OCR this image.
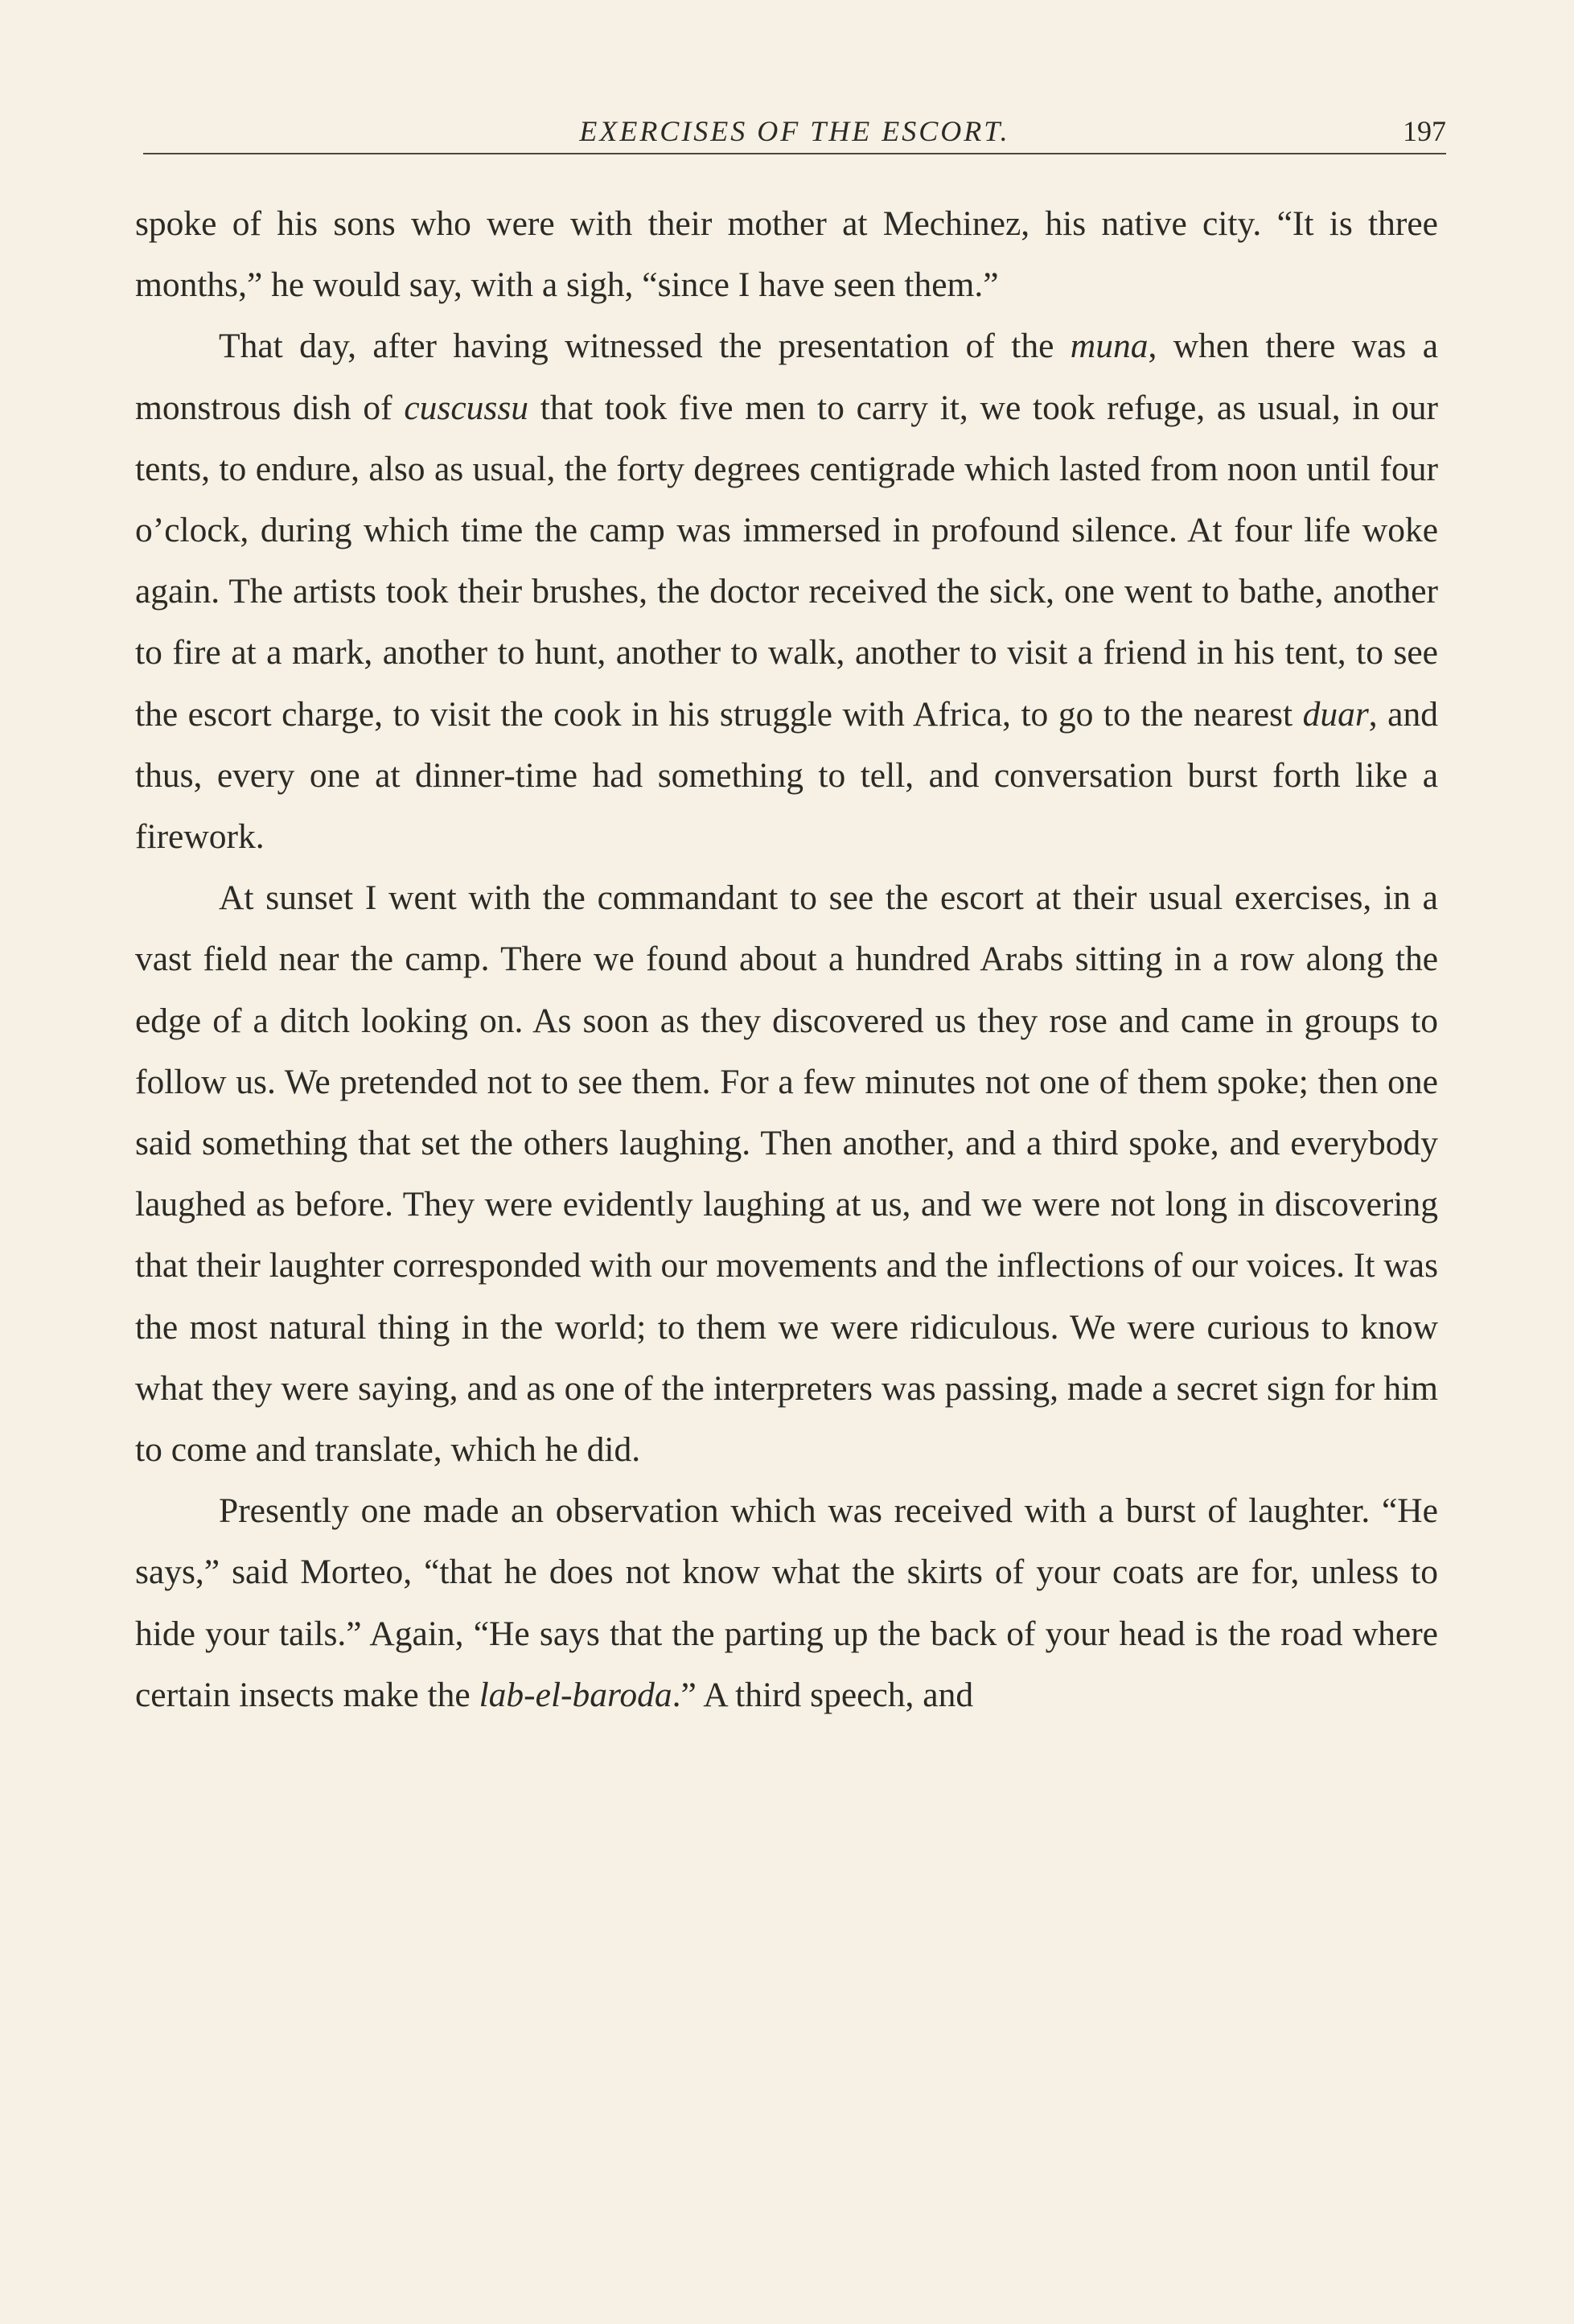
EXERCISES OF THE ESCORT.	197

spoke of his sons who were with their mother at Mechinez, his native city. “It is three months,” he would say, with a sigh, “since I have seen them.”

That day, after having witnessed the presentation of the muna, when there was a monstrous dish of cuscussu that took five men to carry it, we took refuge, as usual, in our tents, to endure, also as usual, the forty degrees centigrade which lasted from noon until four o’clock, during which time the camp was immersed in profound silence. At four life woke again. The artists took their brushes, the doctor received the sick, one went to bathe, another to fire at a mark, another to hunt, another to walk, another to visit a friend in his tent, to see the escort charge, to visit the cook in his struggle with Africa, to go to the nearest duar, and thus, every one at dinner-time had something to tell, and conversation burst forth like a firework.

At sunset I went with the commandant to see the escort at their usual exercises, in a vast field near the camp. There we found about a hundred Arabs sitting in a row along the edge of a ditch looking on. As soon as they discovered us they rose and came in groups to follow us. We pretended not to see them. For a few minutes not one of them spoke; then one said something that set the others laughing. Then another, and a third spoke, and everybody laughed as before. They were evidently laughing at us, and we were not long in discovering that their laughter corresponded with our movements and the inflections of our voices. It was the most natural thing in the world; to them we were ridiculous. We were curious to know what they were saying, and as one of the interpreters was passing, made a secret sign for him to come and translate, which he did.

Presently one made an observation which was received with a burst of laughter. “He says,” said Morteo, “that he does not know what the skirts of your coats are for, unless to hide your tails.” Again, “He says that the parting up the back of your head is the road where certain insects make the lab-el-baroda.” A third speech, and
